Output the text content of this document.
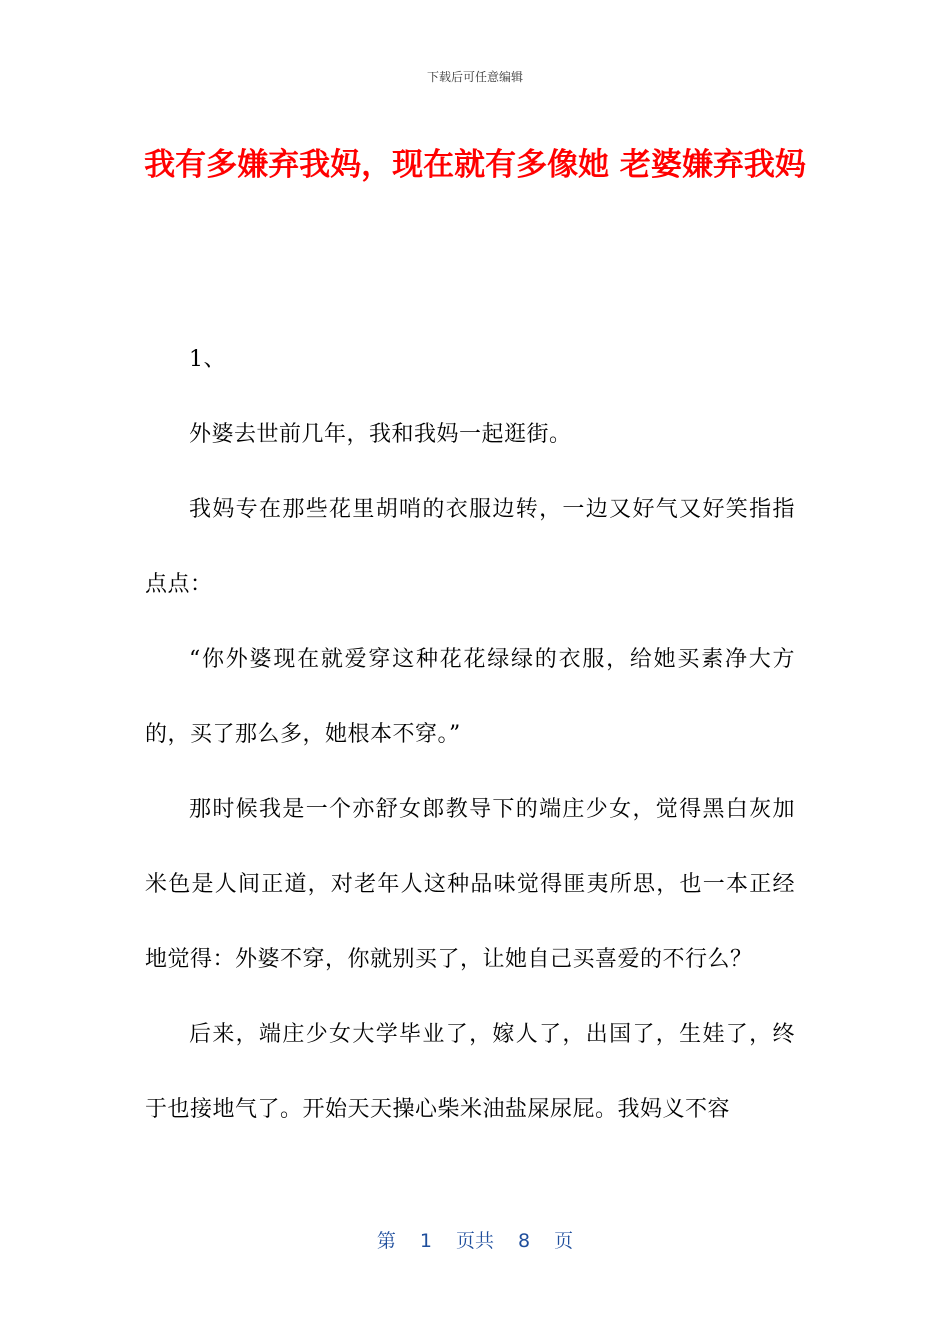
下载后可任意编辑
我有多嫌弃我妈，现在就有多像她 老婆嫌弃我妈

1、

外婆去世前几年，我和我妈一起逛街。

我妈专在那些花里胡哨的衣服边转，一边又好气又好笑指指点点：

“你外婆现在就爱穿这种花花绿绿的衣服，给她买素净大方的，买了那么多，她根本不穿。”

那时候我是一个亦舒女郎教导下的端庄少女，觉得黑白灰加米色是人间正道，对老年人这种品味觉得匪夷所思，也一本正经地觉得：外婆不穿，你就别买了，让她自己买喜爱的不行么？

后来，端庄少女大学毕业了，嫁人了，出国了，生娃了，终于也接地气了。开始天天操心柴米油盐屎尿屁。我妈义不容

第 1 页共 8 页
